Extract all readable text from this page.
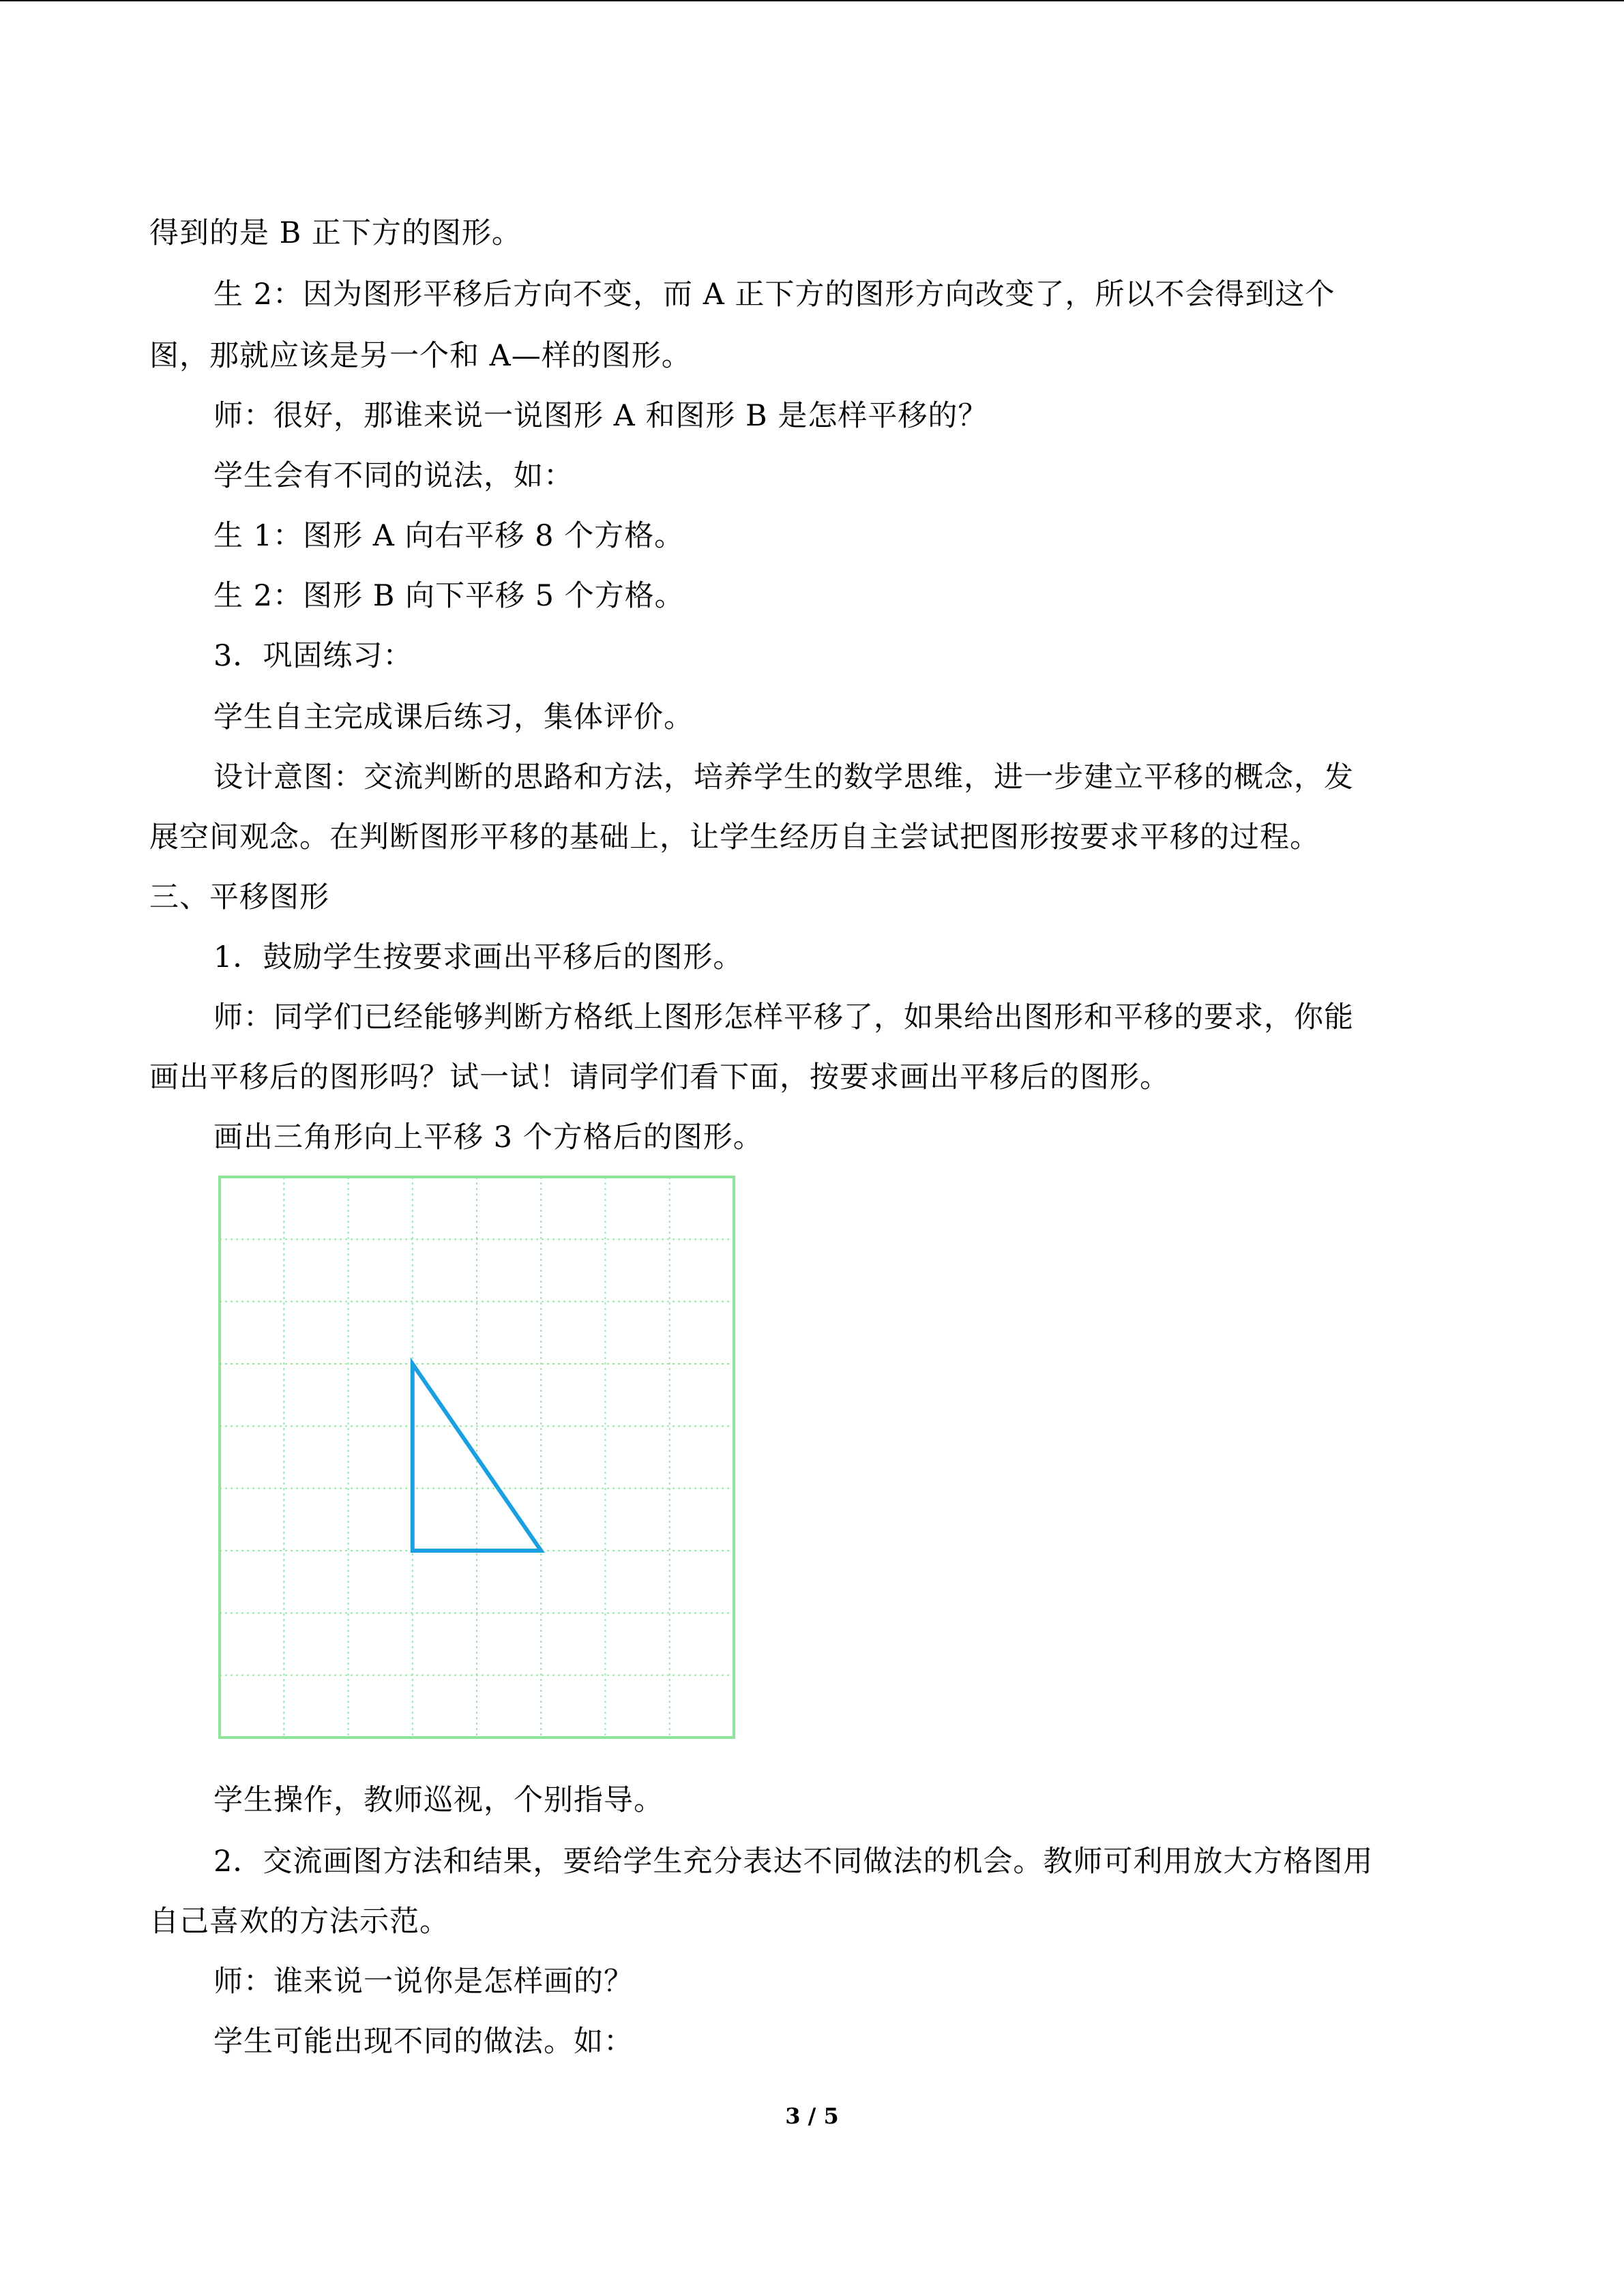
得到的是 B 正下方的图形。
生 2：因为图形平移后方向不变，而 A 正下方的图形方向改变了，所以不会得到这个
图，那就应该是另一个和 A—样的图形。
师：很好，那谁来说一说图形 A 和图形 B 是怎样平移的？
学生会有不同的说法，如：
生 1：图形 A 向右平移 8 个方格。
生 2：图形 B 向下平移 5 个方格。
3．巩固练习：
学生自主完成课后练习，集体评价。
设计意图：交流判断的思路和方法，培养学生的数学思维，进一步建立平移的概念，发
展空间观念。在判断图形平移的基础上，让学生经历自主尝试把图形按要求平移的过程。
三、平移图形
1．鼓励学生按要求画出平移后的图形。
师：同学们已经能够判断方格纸上图形怎样平移了，如果给出图形和平移的要求，你能
画出平移后的图形吗？试一试！请同学们看下面，按要求画出平移后的图形。
画出三角形向上平移 3 个方格后的图形。
学生操作，教师巡视，个别指导。
2．交流画图方法和结果，要给学生充分表达不同做法的机会。教师可利用放大方格图用
自己喜欢的方法示范。
师：谁来说一说你是怎样画的？
学生可能出现不同的做法。如：
3 / 5
